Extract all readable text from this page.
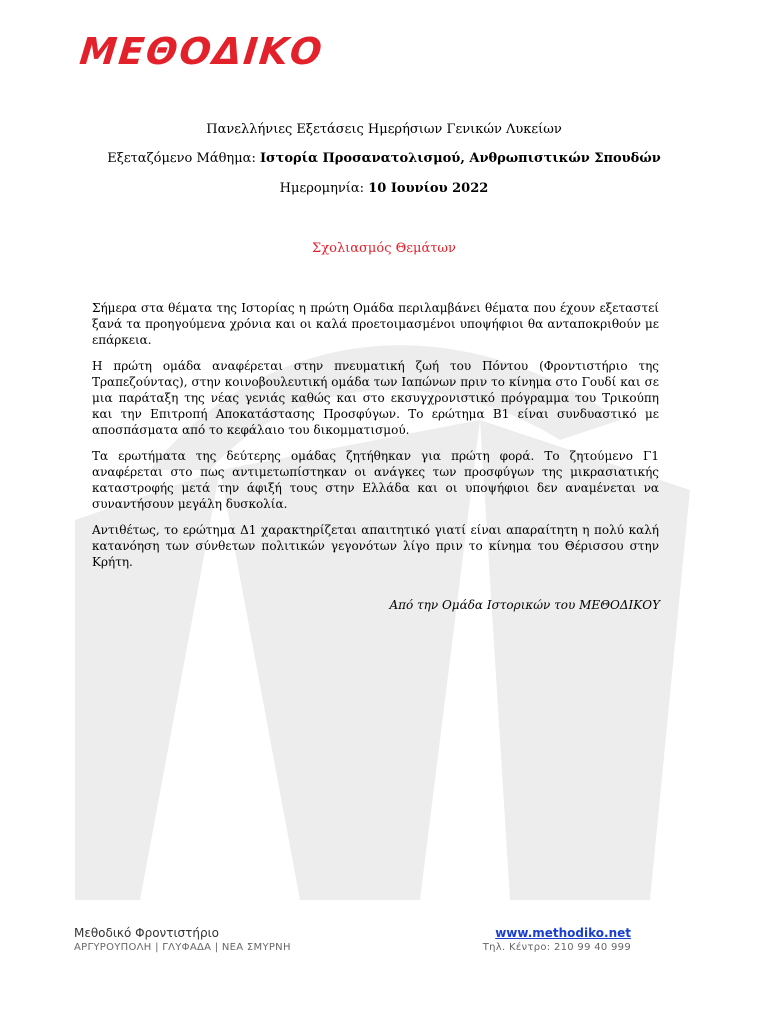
ΜΕΘΟΔΙΚΟ
Πανελλήνιες Εξετάσεις Ημερήσιων Γενικών Λυκείων
Εξεταζόμενο Μάθημα: Ιστορία Προσανατολισμού, Ανθρωπιστικών Σπουδών
Ημερομηνία: 10 Ιουνίου 2022
Σχολιασμός Θεμάτων

Σήμερα στα θέματα της Ιστορίας η πρώτη Ομάδα περιλαμβάνει θέματα που έχουν εξεταστεί ξανά τα προηγούμενα χρόνια και οι καλά προετοιμασμένοι υποψήφιοι θα ανταποκριθούν με επάρκεια.

Η πρώτη ομάδα αναφέρεται στην πνευματική ζωή του Πόντου (Φροντιστήριο της Τραπεζούντας), στην κοινοβουλευτική ομάδα των Ιαπώνων πριν το κίνημα στο Γουδί και σε μια παράταξη της νέας γενιάς καθώς και στο εκσυγχρονιστικό πρόγραμμα του Τρικούπη και την Επιτροπή Αποκατάστασης Προσφύγων. Το ερώτημα Β1 είναι συνδυαστικό με αποσπάσματα από το κεφάλαιο του δικομματισμού.

Τα ερωτήματα της δεύτερης ομάδας ζητήθηκαν για πρώτη φορά. Το ζητούμενο Γ1 αναφέρεται στο πως αντιμετωπίστηκαν οι ανάγκες των προσφύγων της μικρασιατικής καταστροφής μετά την άφιξή τους στην Ελλάδα και οι υποψήφιοι δεν αναμένεται να συναντήσουν μεγάλη δυσκολία.

Αντιθέτως, το ερώτημα Δ1 χαρακτηρίζεται απαιτητικό γιατί είναι απαραίτητη η πολύ καλή κατανόηση των σύνθετων πολιτικών γεγονότων λίγο πριν το κίνημα του Θέρισσου στην Κρήτη.

Από την Ομάδα Ιστορικών του ΜΕΘΟΔΙΚΟΥ
Μεθοδικό Φροντιστήριο
ΑΡΓΥΡΟΥΠΟΛΗ | ΓΛΥΦΑΔΑ | ΝΕΑ ΣΜΥΡΝΗ
www.methodiko.net
Τηλ. Κέντρο: 210 99 40 999
